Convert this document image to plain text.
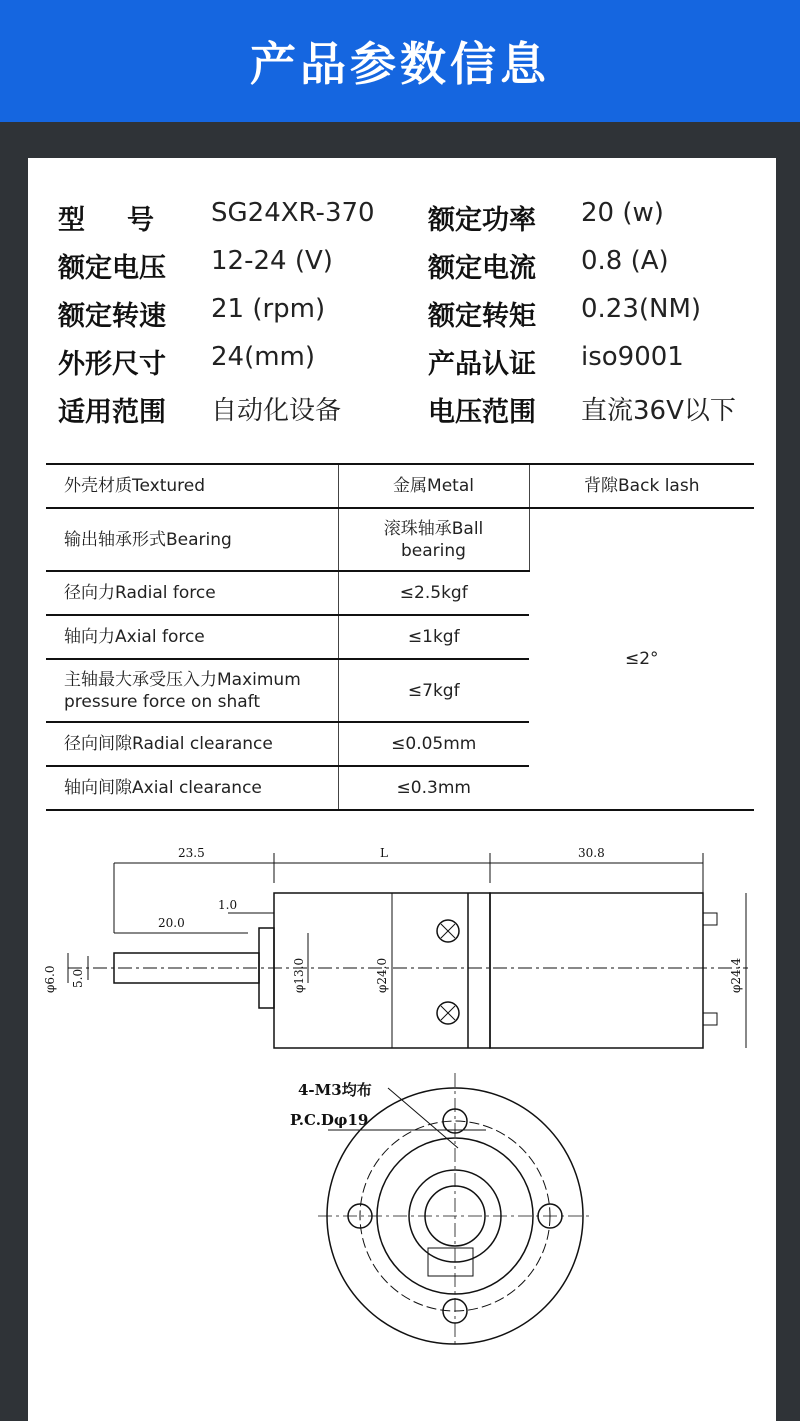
产品参数信息
型号 SG24XR-370 额定功率 20 (w)
额定电压 12-24 (V)	额定电流 0.8 (A)
额定转速 21 (rpm)	额定转矩 0.23(NM)
外形尺寸 24(mm)	产品认证 iso9001
适用范围 自动化设备	电压范围 直流36V以下
外壳材质Textured	金属Metal	背隙Back lash
输出轴承形式Bearing	滚珠轴承Ball bearing	≤2°
径向力Radial force	≤2.5kgf	
轴向力Axial force	≤1kgf	
主轴最大承受压入力Maximum pressure force on shaft	≤7kgf	
径向间隙Radial clearance	≤0.05mm	
轴向间隙Axial clearance	≤0.3mm	
23.5	L	30.8
1.0
20.0
φ6.0 5.0	φ13.0	φ24.0	φ24.4
4-M3均布
P.C.Dφ19
